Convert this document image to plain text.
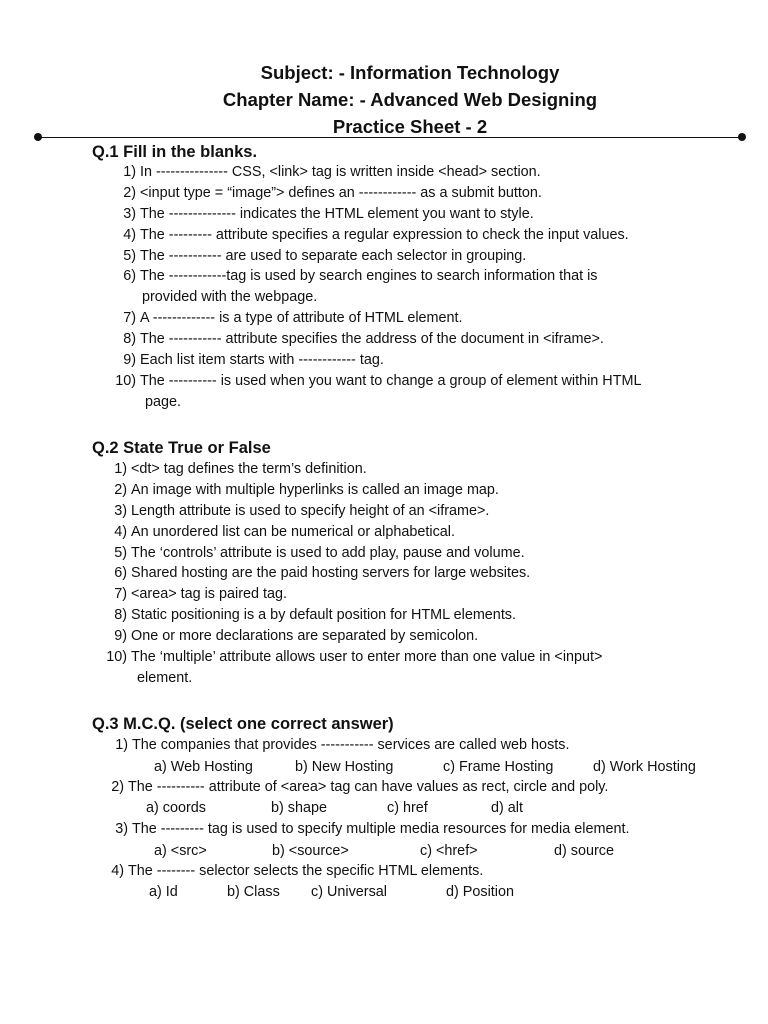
Subject: - Information Technology
Chapter Name: - Advanced Web Designing
Practice Sheet - 2
Q.1 Fill in the blanks.
1) In --------------- CSS, <link> tag is written inside <head> section.
2) <input type = “image”> defines an ------------ as a submit button.
3) The -------------- indicates the HTML element you want to style.
4) The --------- attribute specifies a regular expression to check the input values.
5) The ----------- are used to separate each selector in grouping.
6) The ------------tag is used by search engines to search information that is
provided with the webpage.
7) A ------------- is a type of attribute of HTML element.
8) The ----------- attribute specifies the address of the document in <iframe>.
9) Each list item starts with ------------ tag.
10) The ---------- is used when you want to change a group of element within HTML
page.
Q.2 State True or False
1) <dt> tag defines the term’s definition.
2) An image with multiple hyperlinks is called an image map.
3) Length attribute is used to specify height of an <iframe>.
4) An unordered list can be numerical or alphabetical.
5) The ‘controls’ attribute is used to add play, pause and volume.
6) Shared hosting are the paid hosting servers for large websites.
7) <area> tag is paired tag.
8) Static positioning is a by default position for HTML elements.
9) One or more declarations are separated by semicolon.
10) The ‘multiple’ attribute allows user to enter more than one value in <input>
element.
Q.3 M.C.Q. (select one correct answer)
1) The companies that provides ----------- services are called web hosts.
a) Web Hosting	b) New Hosting	c) Frame Hosting	d) Work Hosting
2) The ---------- attribute of <area> tag can have values as rect, circle and poly.
a) coords	b) shape	c) href	d) alt
3) The --------- tag is used to specify multiple media resources for media element.
a) <src>	b) <source>	c) <href>	d) source
4) The -------- selector selects the specific HTML elements.
a) Id	b) Class c) Universal	d) Position
